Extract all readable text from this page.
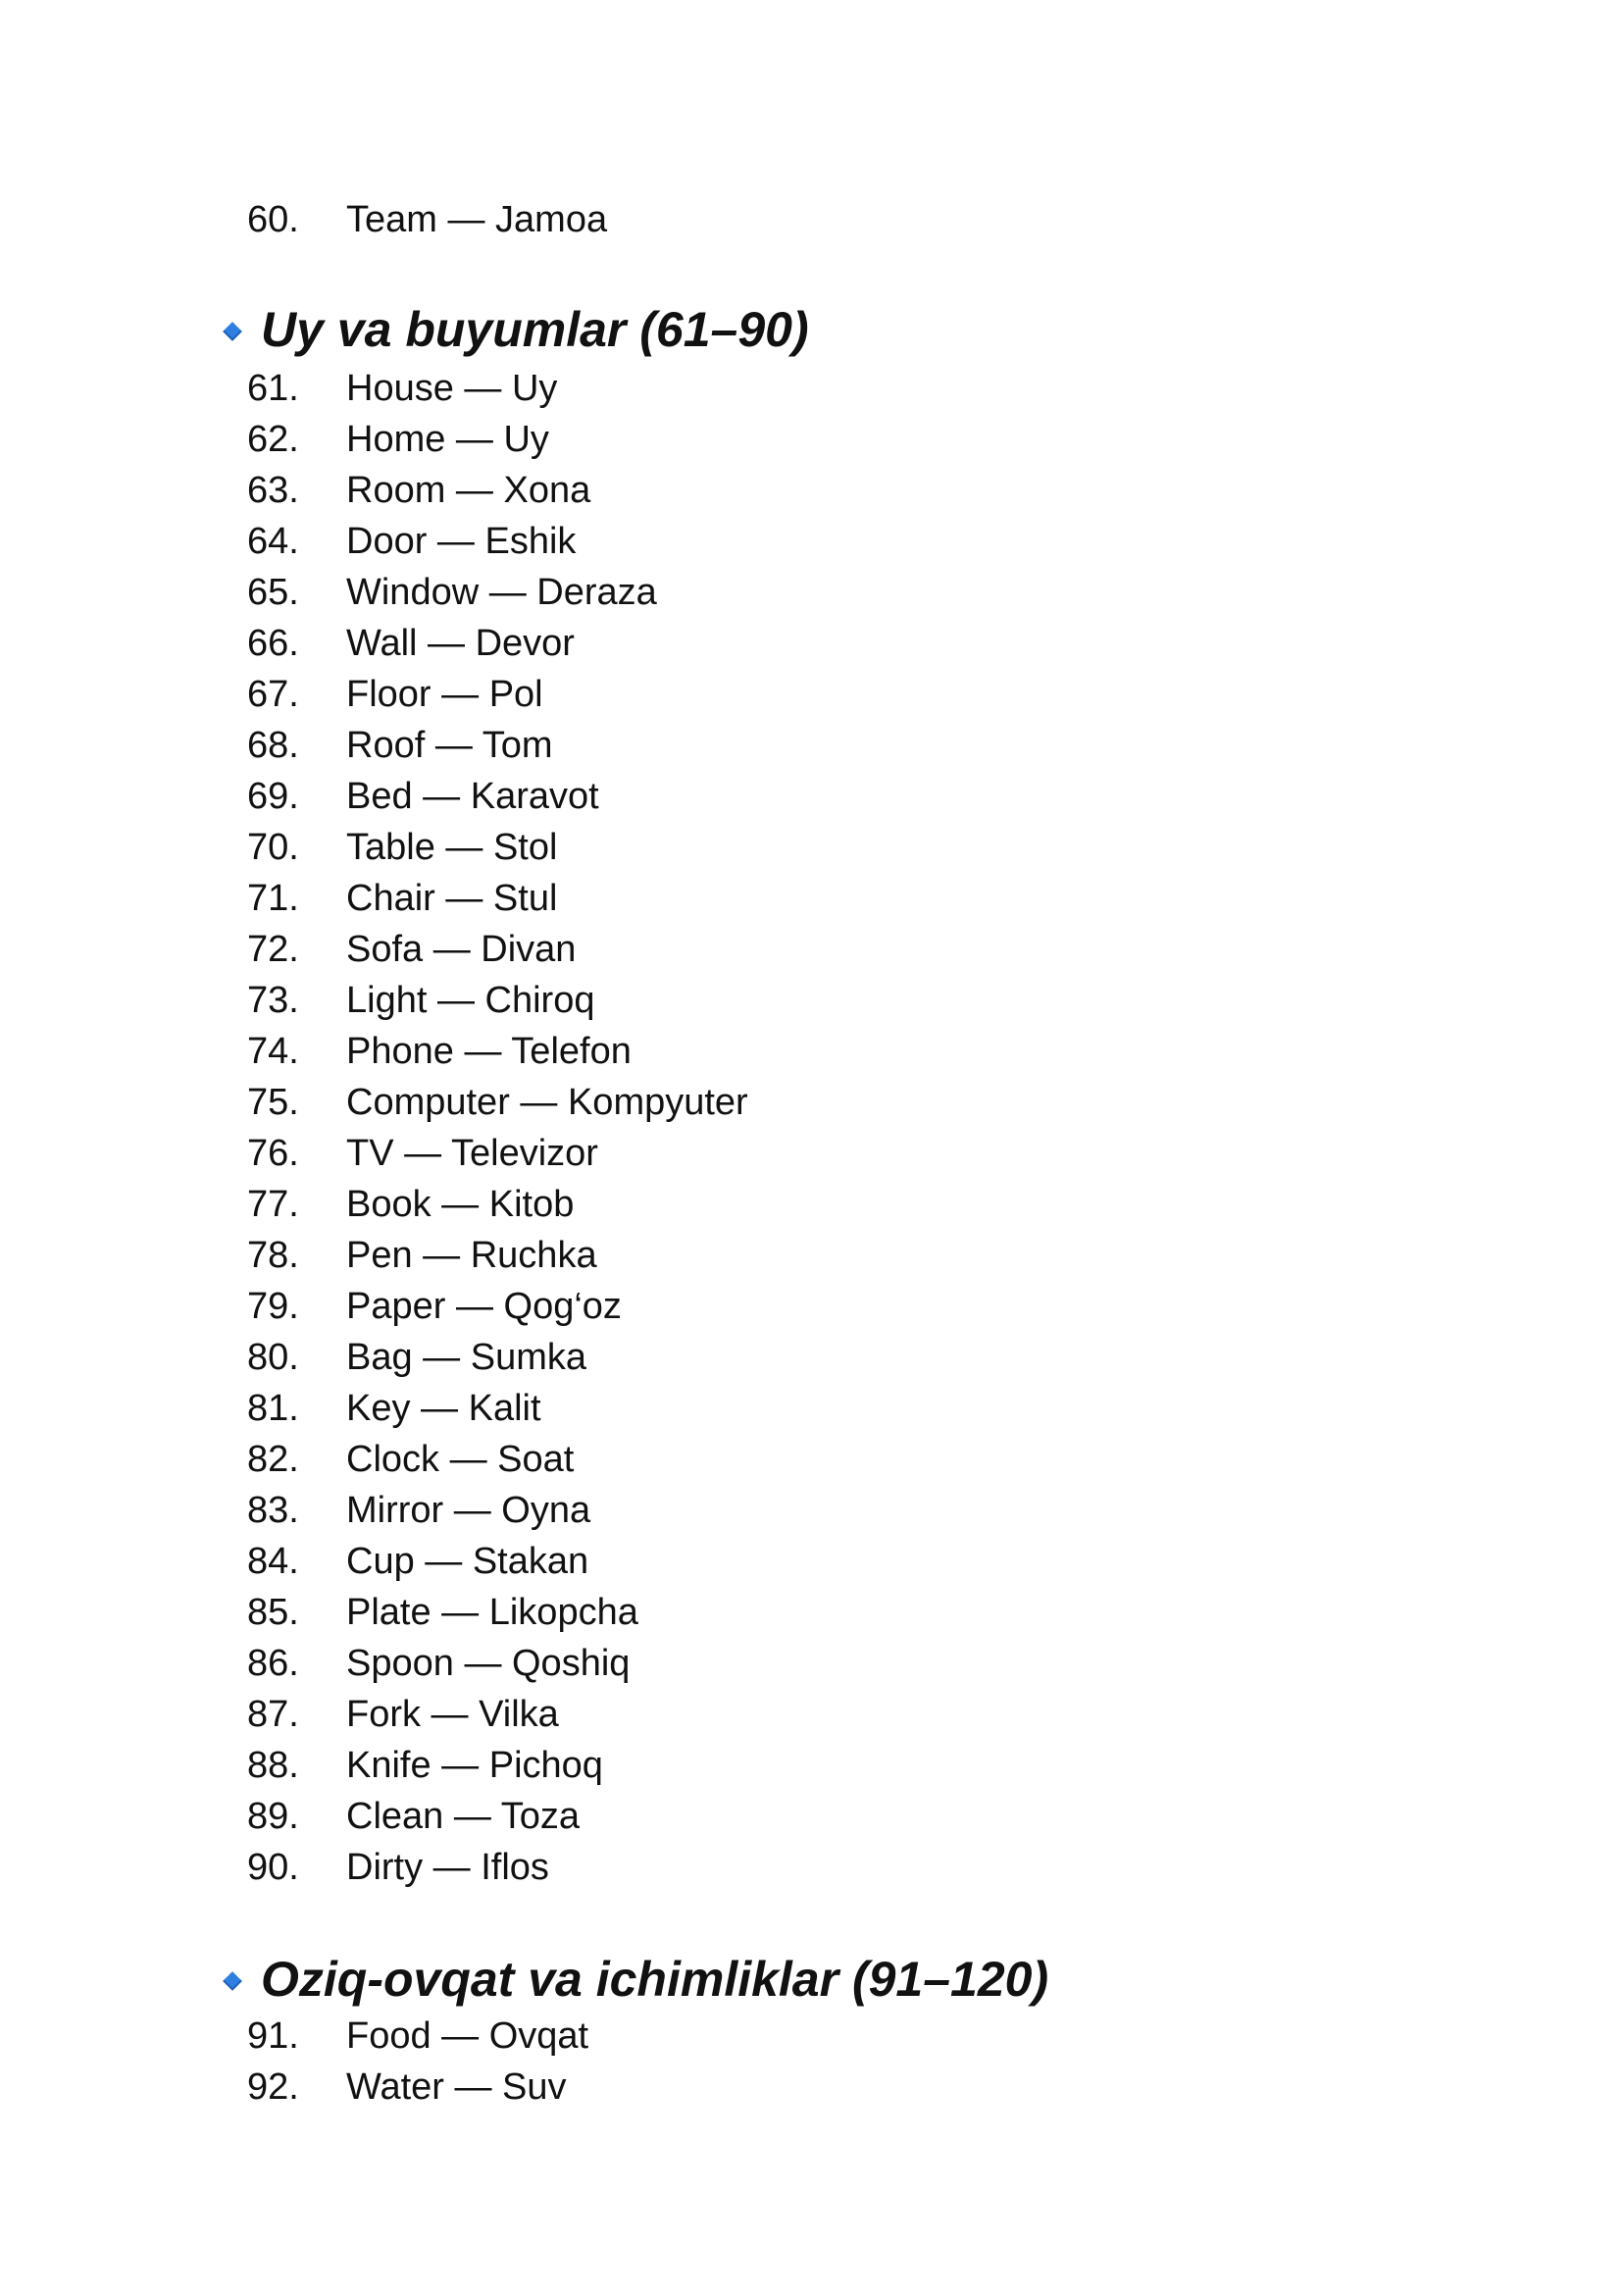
60. Team — Jamoa
Uy va buyumlar (61–90)
61. House — Uy
62. Home — Uy
63. Room — Xona
64. Door — Eshik
65. Window — Deraza
66. Wall — Devor
67. Floor — Pol
68. Roof — Tom
69. Bed — Karavot
70. Table — Stol
71. Chair — Stul
72. Sofa — Divan
73. Light — Chiroq
74. Phone — Telefon
75. Computer — Kompyuter
76. TV — Televizor
77. Book — Kitob
78. Pen — Ruchka
79. Paper — Qog‘oz
80. Bag — Sumka
81. Key — Kalit
82. Clock — Soat
83. Mirror — Oyna
84. Cup — Stakan
85. Plate — Likopcha
86. Spoon — Qoshiq
87. Fork — Vilka
88. Knife — Pichoq
89. Clean — Toza
90. Dirty — Iflos
Oziq-ovqat va ichimliklar (91–120)
91. Food — Ovqat
92. Water — Suv
